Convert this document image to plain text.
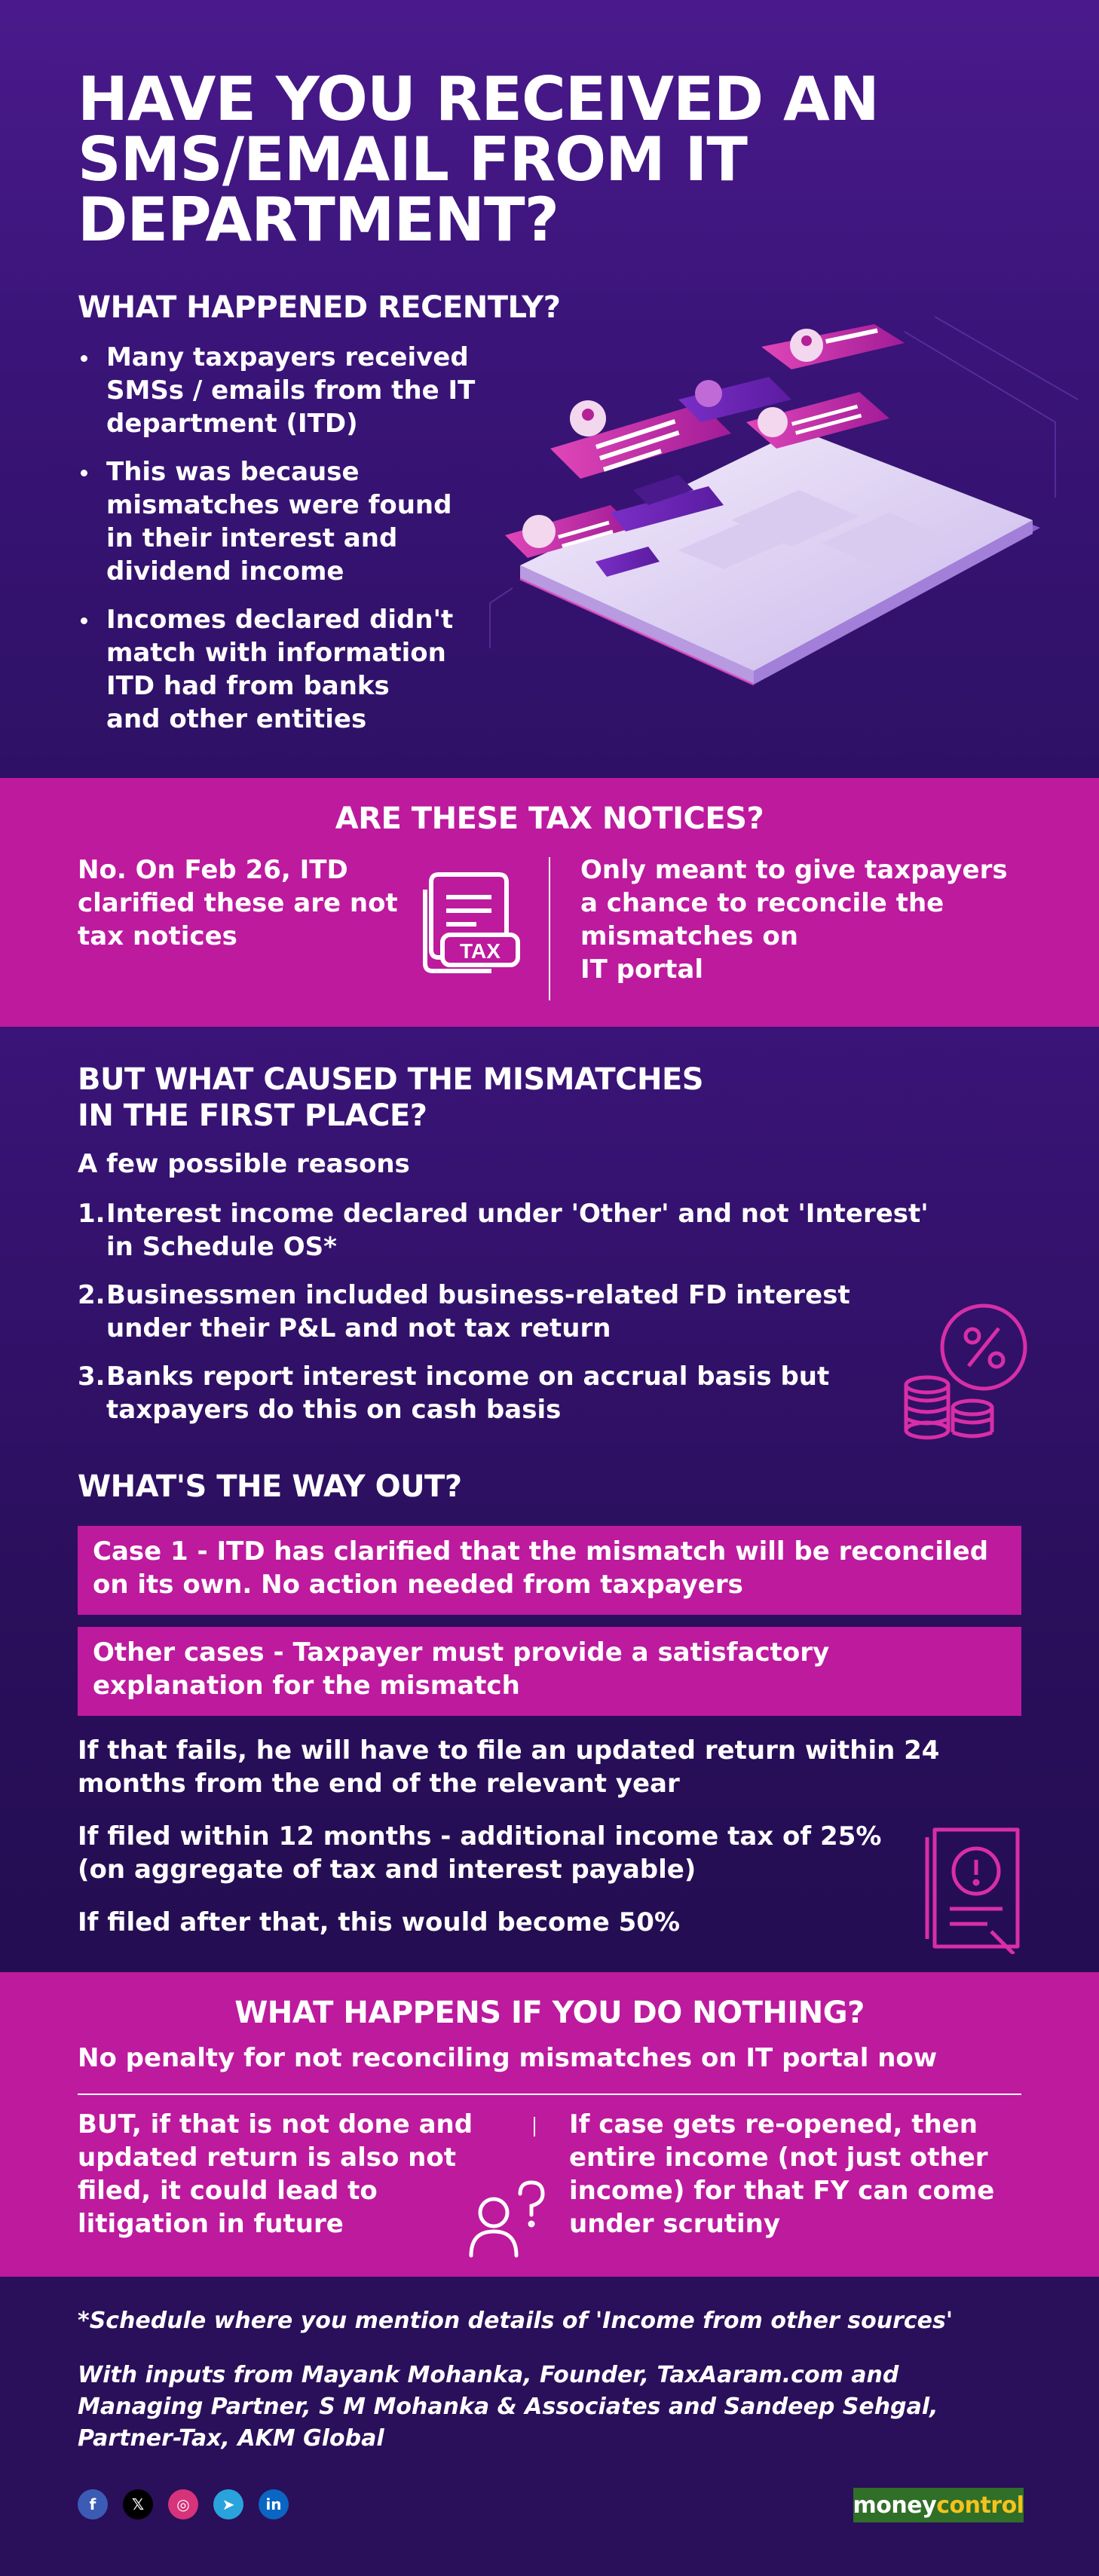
HAVE YOU RECEIVED AN
SMS/EMAIL FROM IT
DEPARTMENT?
WHAT HAPPENED RECENTLY?
Many taxpayers received
SMSs / emails from the IT
department (ITD)
This was because
mismatches were found
in their interest and
dividend income
Incomes declared didn't
match with information
ITD had from banks
and other entities
ARE THESE TAX NOTICES?
No. On Feb 26, ITD
clarified these are not
tax notices	TAX
Only meant to give taxpayers
a chance to reconcile the
mismatches on
IT portal
BUT WHAT CAUSED THE MISMATCHES
IN THE FIRST PLACE?
A few possible reasons
1. Interest income declared under 'Other' and not 'Interest'
in Schedule OS*
2. Businessmen included business-related FD interest
under their P&L and not tax return
3. Banks report interest income on accrual basis but
taxpayers do this on cash basis
WHAT'S THE WAY OUT?
Case 1 - ITD has clarified that the mismatch will be reconciled
on its own. No action needed from taxpayers
Other cases - Taxpayer must provide a satisfactory
explanation for the mismatch
If that fails, he will have to file an updated return within 24
months from the end of the relevant year
If filed within 12 months - additional income tax of 25%
(on aggregate of tax and interest payable)
If filed after that, this would become 50%
WHAT HAPPENS IF YOU DO NOTHING?
No penalty for not reconciling mismatches on IT portal now
BUT, if that is not done and
updated return is also not
filed, it could lead to
litigation in future
If case gets re-opened, then
entire income (not just other
income) for that FY can come
under scrutiny
*Schedule where you mention details of 'Income from other sources'
With inputs from Mayank Mohanka, Founder, TaxAaram.com and
Managing Partner, S M Mohanka & Associates and Sandeep Sehgal,
Partner-Tax, AKM Global
f	𝕏	◎	➤	in	money control
